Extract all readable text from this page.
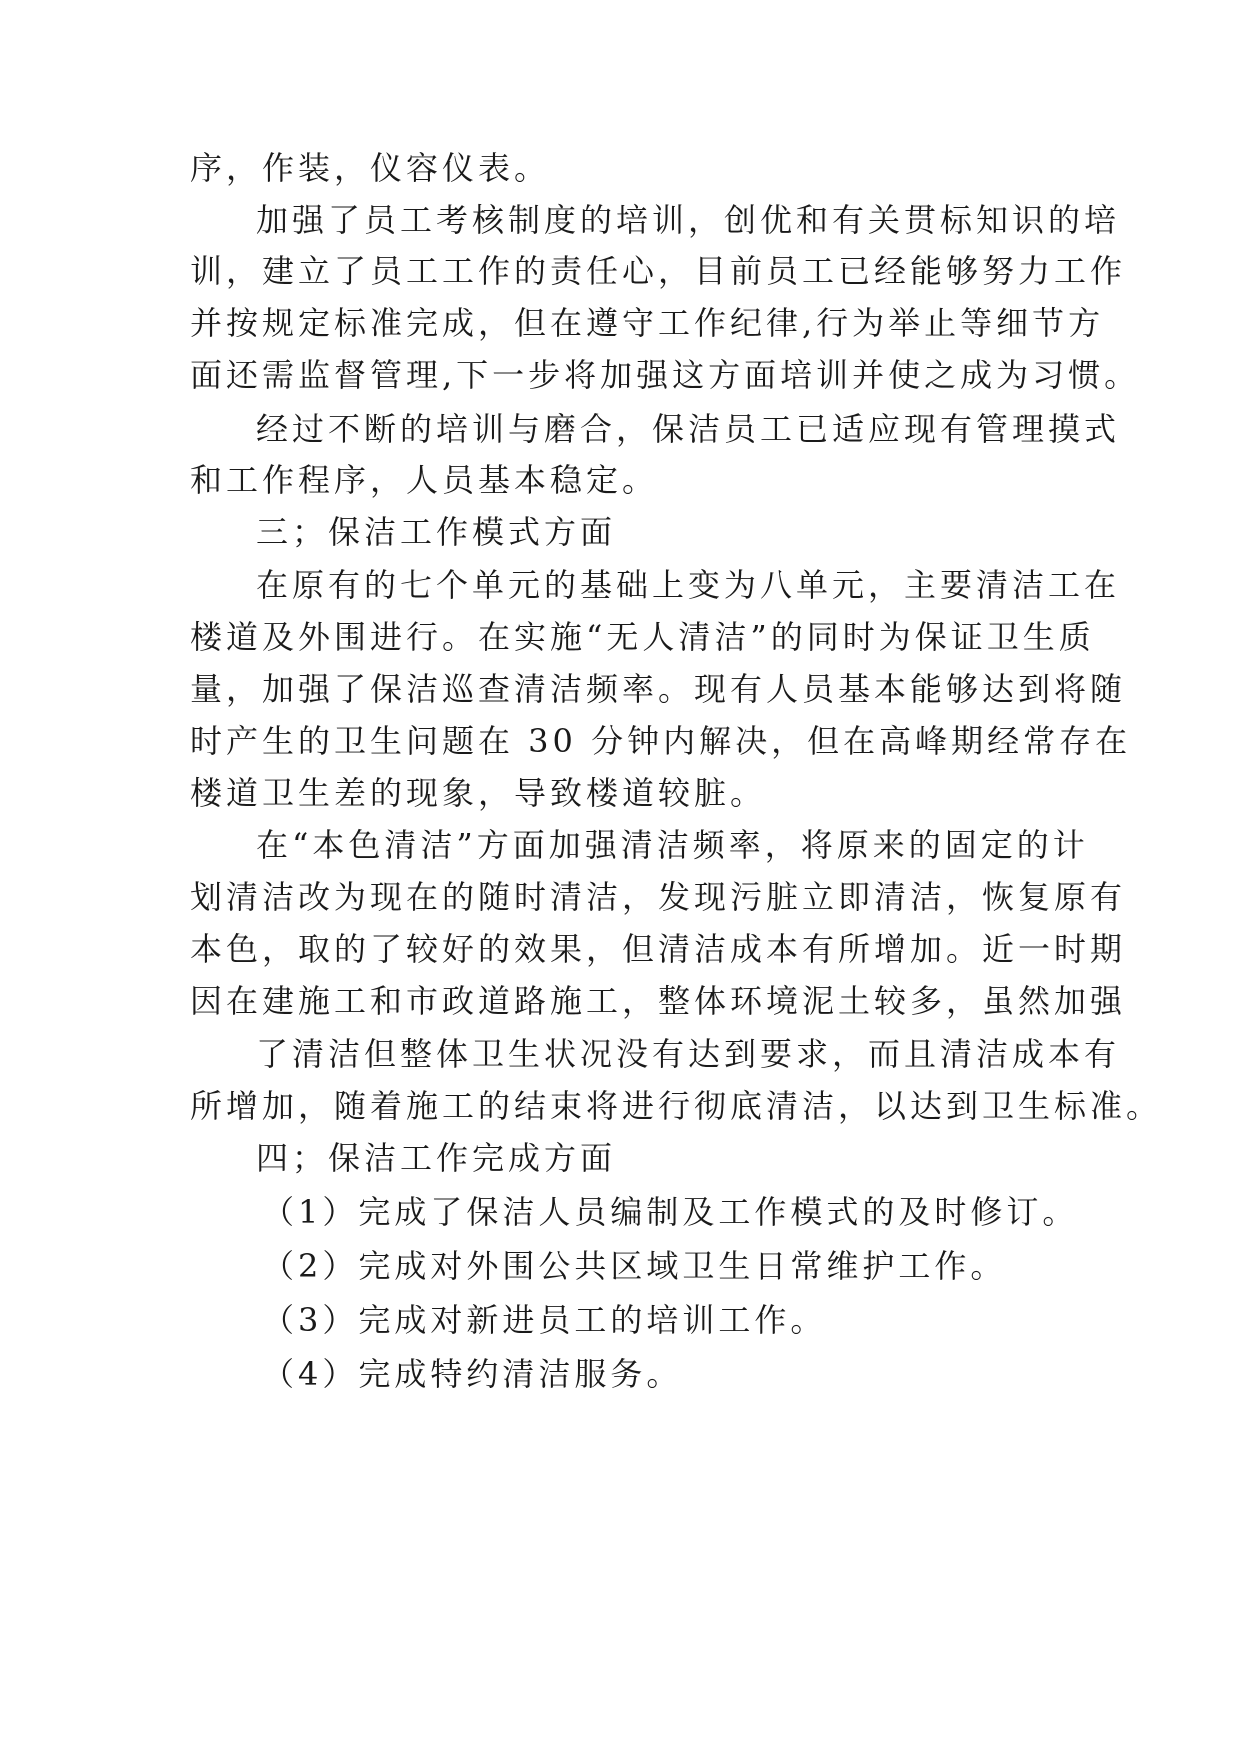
序，作装，仪容仪表。
加强了员工考核制度的培训，创优和有关贯标知识的培
训，建立了员工工作的责任心，目前员工已经能够努力工作
并按规定标准完成，但在遵守工作纪律,行为举止等细节方
面还需监督管理,下一步将加强这方面培训并使之成为习惯。
经过不断的培训与磨合，保洁员工已适应现有管理摸式
和工作程序，人员基本稳定。
三；保洁工作模式方面
在原有的七个单元的基础上变为八单元，主要清洁工在
楼道及外围进行。在实施“无人清洁”的同时为保证卫生质
量，加强了保洁巡查清洁频率。现有人员基本能够达到将随
时产生的卫生问题在 30 分钟内解决，但在高峰期经常存在
楼道卫生差的现象，导致楼道较脏。
在“本色清洁”方面加强清洁频率，将原来的固定的计
划清洁改为现在的随时清洁，发现污脏立即清洁，恢复原有
本色，取的了较好的效果，但清洁成本有所增加。近一时期
因在建施工和市政道路施工，整体环境泥土较多，虽然加强
了清洁但整体卫生状况没有达到要求，而且清洁成本有
所增加，随着施工的结束将进行彻底清洁，以达到卫生标准。
四；保洁工作完成方面
（1）完成了保洁人员编制及工作模式的及时修订。
（2）完成对外围公共区域卫生日常维护工作。
（3）完成对新进员工的培训工作。
（4）完成特约清洁服务。
